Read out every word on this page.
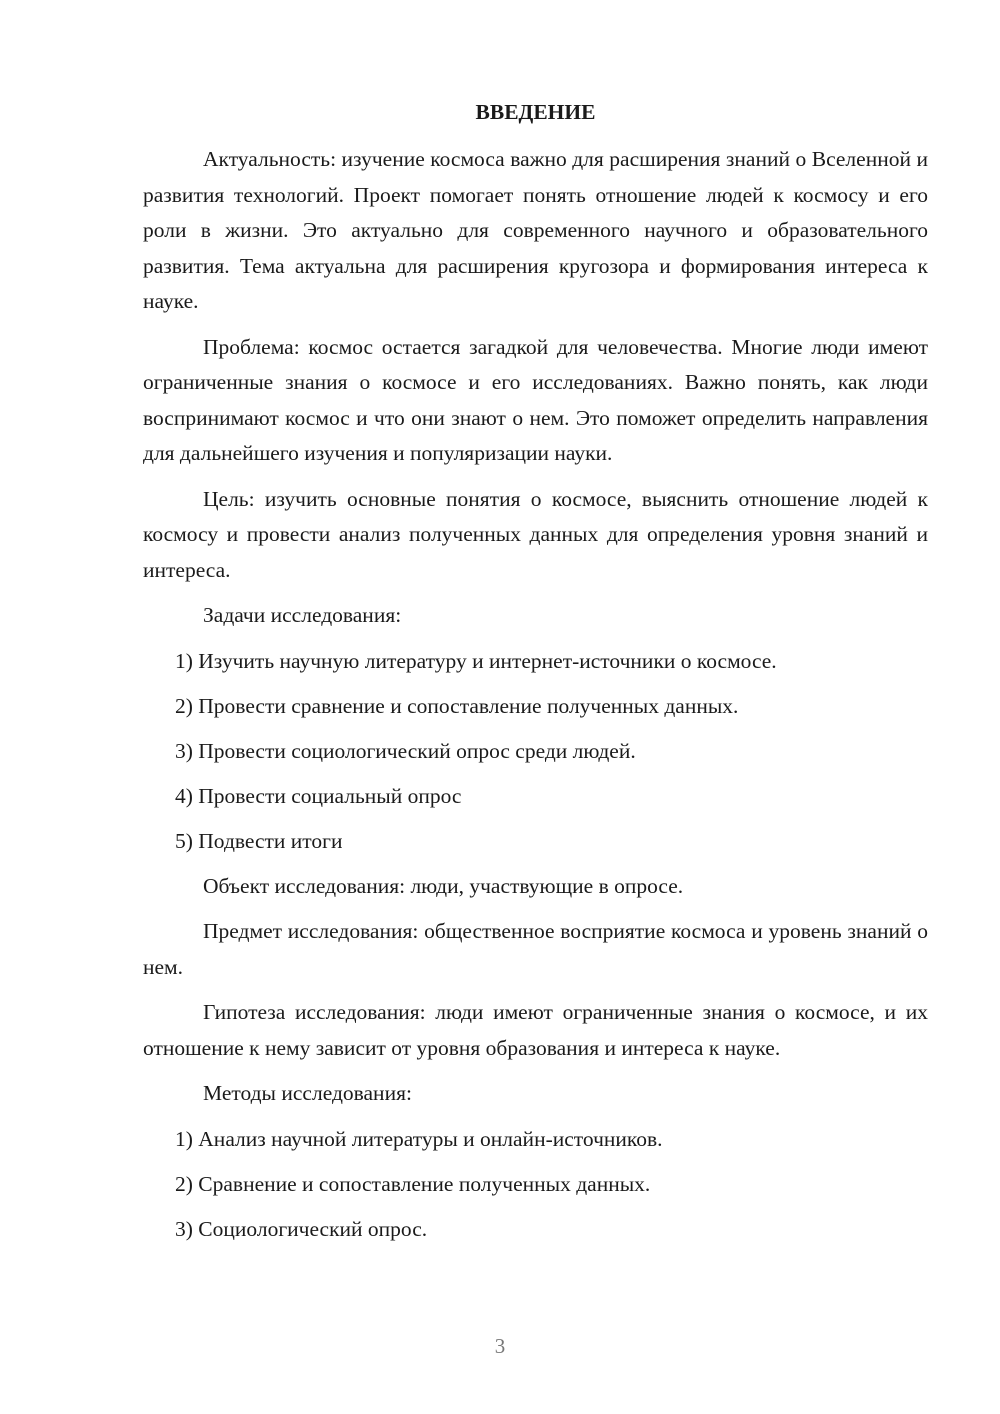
ВВЕДЕНИЕ

Актуальность: изучение космоса важно для расширения знаний о Вселенной и развития технологий. Проект помогает понять отношение людей к космосу и его роли в жизни. Это актуально для современного научного и образовательного развития. Тема актуальна для расширения кругозора и формирования интереса к науке.

Проблема: космос остается загадкой для человечества. Многие люди имеют ограниченные знания о космосе и его исследованиях. Важно понять, как люди воспринимают космос и что они знают о нем. Это поможет определить направления для дальнейшего изучения и популяризации науки.

Цель: изучить основные понятия о космосе, выяснить отношение людей к космосу и провести анализ полученных данных для определения уровня знаний и интереса.

Задачи исследования:

1) Изучить научную литературу и интернет-источники о космосе.

2) Провести сравнение и сопоставление полученных данных.

3) Провести социологический опрос среди людей.

4) Провести социальный опрос

5) Подвести итоги

Объект исследования: люди, участвующие в опросе.

Предмет исследования: общественное восприятие космоса и уровень знаний о нем.

Гипотеза исследования: люди имеют ограниченные знания о космосе, и их отношение к нему зависит от уровня образования и интереса к науке.

Методы исследования:

1) Анализ научной литературы и онлайн-источников.

2) Сравнение и сопоставление полученных данных.

3) Социологический опрос.

3
